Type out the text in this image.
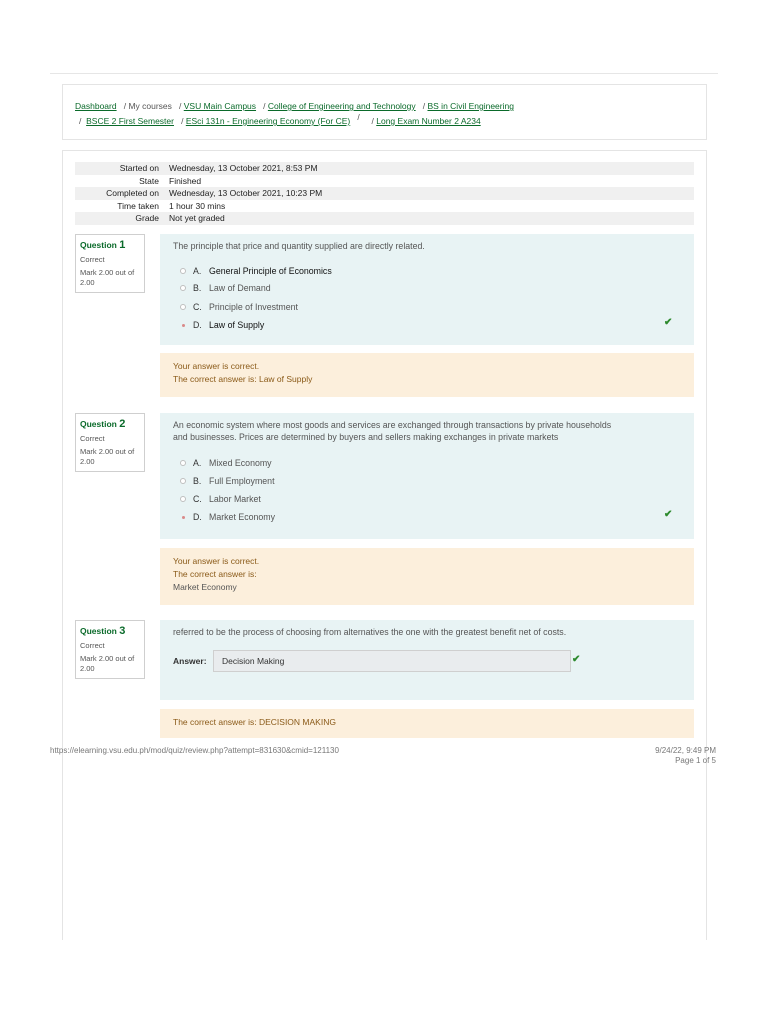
Dashboard / My courses / VSU Main Campus / College of Engineering and Technology / BS in Civil Engineering
/ BSCE 2 First Semester / ESci 131n - Engineering Economy (For CE) / / Long Exam Number 2 A234
Started on	Wednesday, 13 October 2021, 8:53 PM
State	Finished
Completed on	Wednesday, 13 October 2021, 10:23 PM
Time taken	1 hour 30 mins
Grade	Not yet graded
Question 1
Correct
Mark 2.00 out of 2.00
The principle that price and quantity supplied are directly related.
A. General Principle of Economics
B. Law of Demand
C. Principle of Investment
D. Law of Supply	✔
Your answer is correct.
The correct answer is: Law of Supply
Question 2
Correct
Mark 2.00 out of 2.00
An economic system where most goods and services are exchanged through transactions by private households
and businesses. Prices are determined by buyers and sellers making exchanges in private markets
A. Mixed Economy
B. Full Employment
C. Labor Market
D. Market Economy	✔
Your answer is correct.
The correct answer is:
Market Economy
Question 3
Correct
Mark 2.00 out of 2.00
referred to be the process of choosing from alternatives the one with the greatest benefit net of costs.
Answer:	Decision Making	✔
The correct answer is: DECISION MAKING
https://elearning.vsu.edu.ph/mod/quiz/review.php?attempt=831630&cmid=121130	9/24/22, 9:49 PM
Page 1 of 5
